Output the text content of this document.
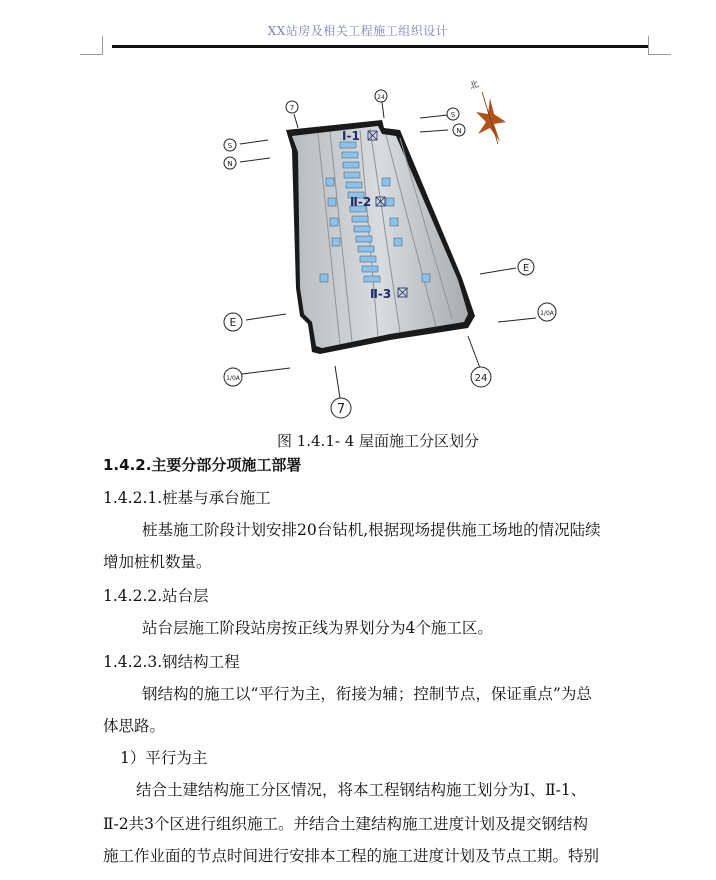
XX站房及相关工程施工组织设计
Ⅰ-1
Ⅱ-2
Ⅱ-3
7
24
S
N
S
N
E
E
1/0A
1/0A
7
24
北
图 1.4.1- 4 屋面施工分区划分
1.4.2.主要分部分项施工部署
1.4.2.1.桩基与承台施工
桩基施工阶段计划安排20台钻机,根据现场提供施工场地的情况陆续
增加桩机数量。
1.4.2.2.站台层
站台层施工阶段站房按正线为界划分为4个施工区。
1.4.2.3.钢结构工程
钢结构的施工以“平行为主，衔接为辅；控制节点，保证重点”为总
体思路。
1）平行为主
结合土建结构施工分区情况，将本工程钢结构施工划分为Ⅰ、Ⅱ-1、
Ⅱ-2共3个区进行组织施工。并结合土建结构施工进度计划及提交钢结构
施工作业面的节点时间进行安排本工程的施工进度计划及节点工期。特别
